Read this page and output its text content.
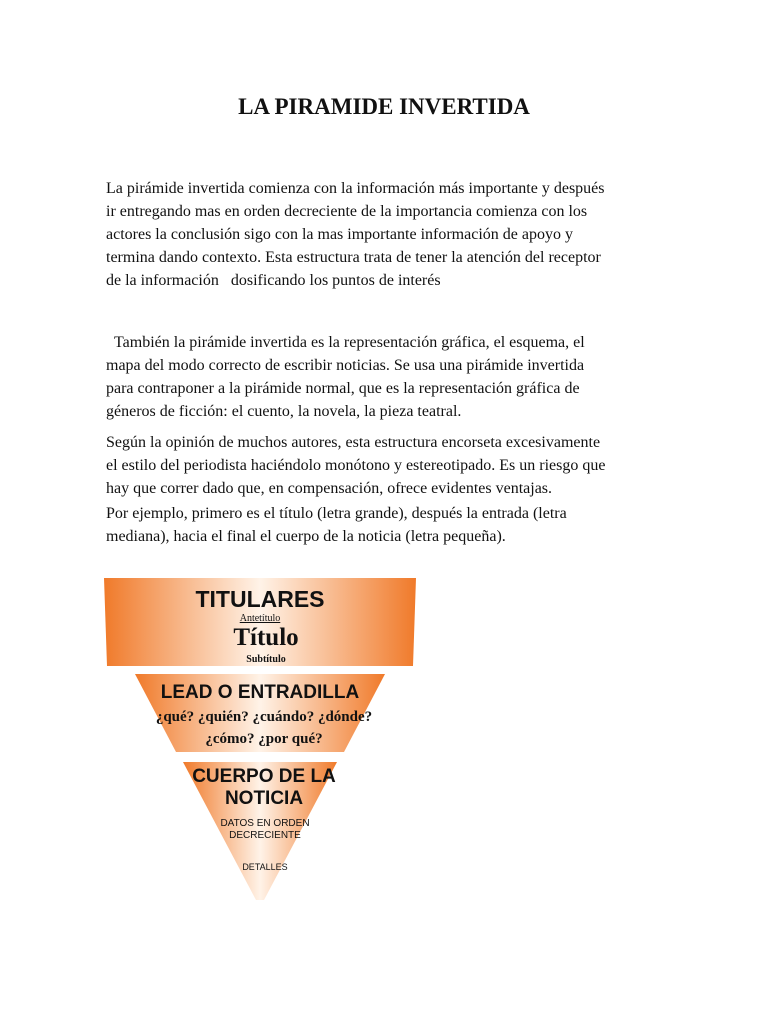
LA PIRAMIDE INVERTIDA

La pirámide invertida comienza con la información más importante y después
ir entregando mas en orden decreciente de la importancia comienza con los
actores la conclusión sigo con la mas importante información de apoyo y
termina dando contexto. Esta estructura trata de tener la atención del receptor
de la información dosificando los puntos de interés

También la pirámide invertida es la representación gráfica, el esquema, el
mapa del modo correcto de escribir noticias. Se usa una pirámide invertida
para contraponer a la pirámide normal, que es la representación gráfica de
géneros de ficción: el cuento, la novela, la pieza teatral.

Según la opinión de muchos autores, esta estructura encorseta excesivamente
el estilo del periodista haciéndolo monótono y estereotipado. Es un riesgo que
hay que correr dado que, en compensación, ofrece evidentes ventajas.

Por ejemplo, primero es el título (letra grande), después la entrada (letra
mediana), hacia el final el cuerpo de la noticia (letra pequeña).

TITULARES
Antetítulo
Título
Subtítulo
LEAD O ENTRADILLA
¿qué? ¿quién? ¿cuándo? ¿dónde?
¿cómo? ¿por qué?
CUERPO DE LA
NOTICIA
DATOS EN ORDEN
DECRECIENTE
DETALLES
